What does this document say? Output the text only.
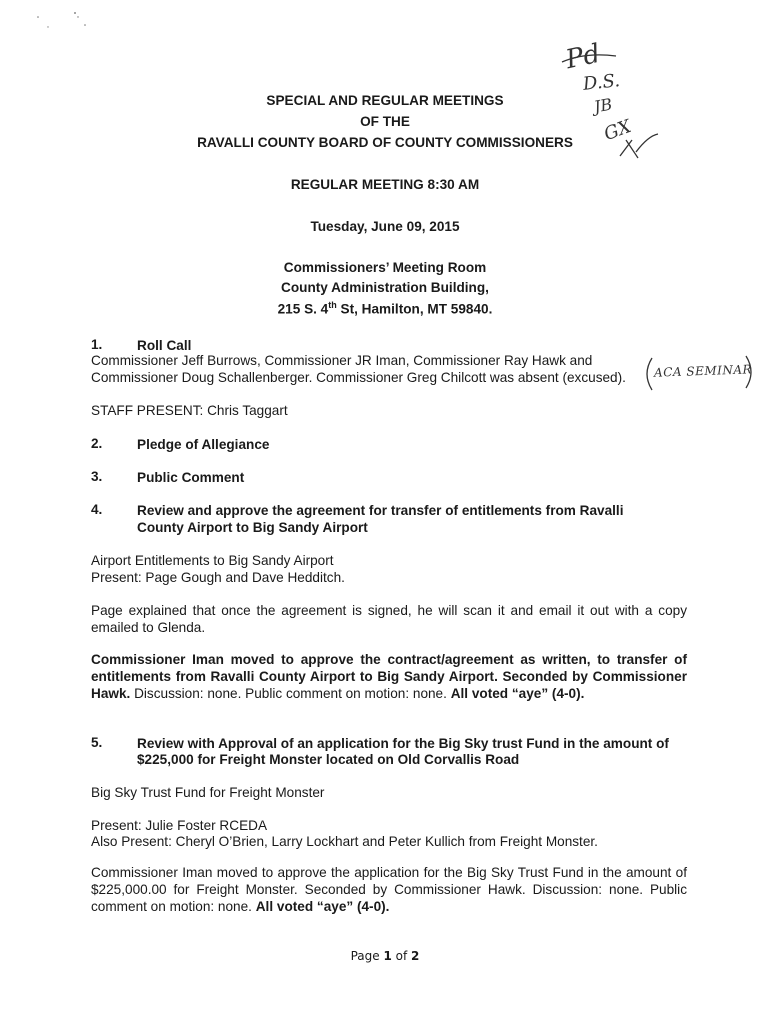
Pd
D.S.
JB
GX
SPECIAL AND REGULAR MEETINGS
OF THE
RAVALLI COUNTY BOARD OF COUNTY COMMISSIONERS
REGULAR MEETING 8:30 AM
Tuesday, June 09, 2015
Commissioners’ Meeting Room
County Administration Building,
215 S. 4th St, Hamilton, MT 59840.
1.	Roll Call
Commissioner Jeff Burrows, Commissioner JR Iman, Commissioner Ray Hawk and
Commissioner Doug Schallenberger. Commissioner Greg Chilcott was absent (excused). ACA SEMINAR
STAFF PRESENT: Chris Taggart
2.	Pledge of Allegiance
3.	Public Comment
4.	Review and approve the agreement for transfer of entitlements from Ravalli
County Airport to Big Sandy Airport
Airport Entitlements to Big Sandy Airport
Present: Page Gough and Dave Hedditch.
Page explained that once the agreement is signed, he will scan it and email it out with a copy emailed to Glenda.
Commissioner Iman moved to approve the contract/agreement as written, to transfer of entitlements from Ravalli County Airport to Big Sandy Airport. Seconded by Commissioner Hawk. Discussion: none. Public comment on motion: none. All voted “aye” (4-0).
5.	Review with Approval of an application for the Big Sky trust Fund in the amount of
$225,000 for Freight Monster located on Old Corvallis Road
Big Sky Trust Fund for Freight Monster
Present: Julie Foster RCEDA
Also Present: Cheryl O’Brien, Larry Lockhart and Peter Kullich from Freight Monster.
Commissioner Iman moved to approve the application for the Big Sky Trust Fund in the amount of $225,000.00 for Freight Monster. Seconded by Commissioner Hawk. Discussion: none. Public comment on motion: none. All voted “aye” (4-0).
Page 1 of 2
